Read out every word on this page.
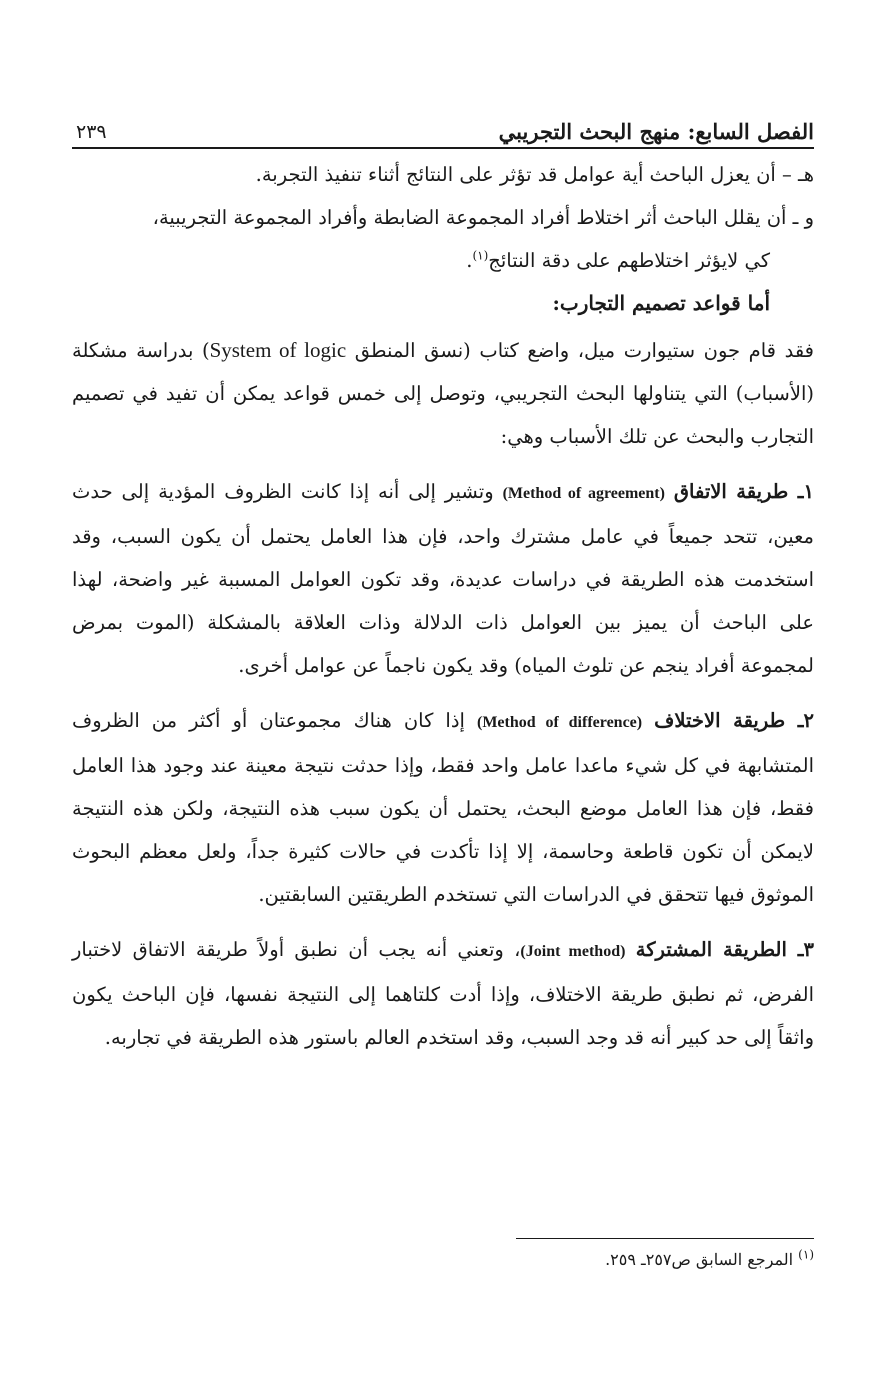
الفصل السابع: منهج البحث التجريبي
٢٣٩

هـ – أن يعزل الباحث أية عوامل قد تؤثر على النتائج أثناء تنفيذ التجربة.

و ـ أن يقلل الباحث أثر اختلاط أفراد المجموعة الضابطة وأفراد المجموعة التجريبية،

كي لايؤثر اختلاطهم على دقة النتائج$^{(١)}$.

أما قواعد تصميم التجارب:

فقد قام جون ستيوارت ميل، واضع كتاب (نسق المنطق System of logic) بدراسة مشكلة (الأسباب) التي يتناولها البحث التجريبي، وتوصل إلى خمس قواعد يمكن أن تفيد في تصميم التجارب والبحث عن تلك الأسباب وهي:

١ـ طريقة الاتفاق (Method of agreement) وتشير إلى أنه إذا كانت الظروف المؤدية إلى حدث معين، تتحد جميعاً في عامل مشترك واحد، فإن هذا العامل يحتمل أن يكون السبب، وقد استخدمت هذه الطريقة في دراسات عديدة، وقد تكون العوامل المسببة غير واضحة، لهذا على الباحث أن يميز بين العوامل ذات الدلالة وذات العلاقة بالمشكلة (الموت بمرض لمجموعة أفراد ينجم عن تلوث المياه) وقد يكون ناجماً عن عوامل أخرى.

٢ـ طريقة الاختلاف (Method of difference) إذا كان هناك مجموعتان أو أكثر من الظروف المتشابهة في كل شيء ماعدا عامل واحد فقط، وإذا حدثت نتيجة معينة عند وجود هذا العامل فقط، فإن هذا العامل موضع البحث، يحتمل أن يكون سبب هذه النتيجة، ولكن هذه النتيجة لايمكن أن تكون قاطعة وحاسمة، إلا إذا تأكدت في حالات كثيرة جداً، ولعل معظم البحوث الموثوق فيها تتحقق في الدراسات التي تستخدم الطريقتين السابقتين.

٣ـ الطريقة المشتركة (Joint method)، وتعني أنه يجب أن نطبق أولاً طريقة الاتفاق لاختبار الفرض، ثم نطبق طريقة الاختلاف، وإذا أدت كلتاهما إلى النتيجة نفسها، فإن الباحث يكون واثقاً إلى حد كبير أنه قد وجد السبب، وقد استخدم العالم باستور هذه الطريقة في تجاربه.

$^{(١)}$ المرجع السابق ص٢٥٧ـ ٢٥٩.
